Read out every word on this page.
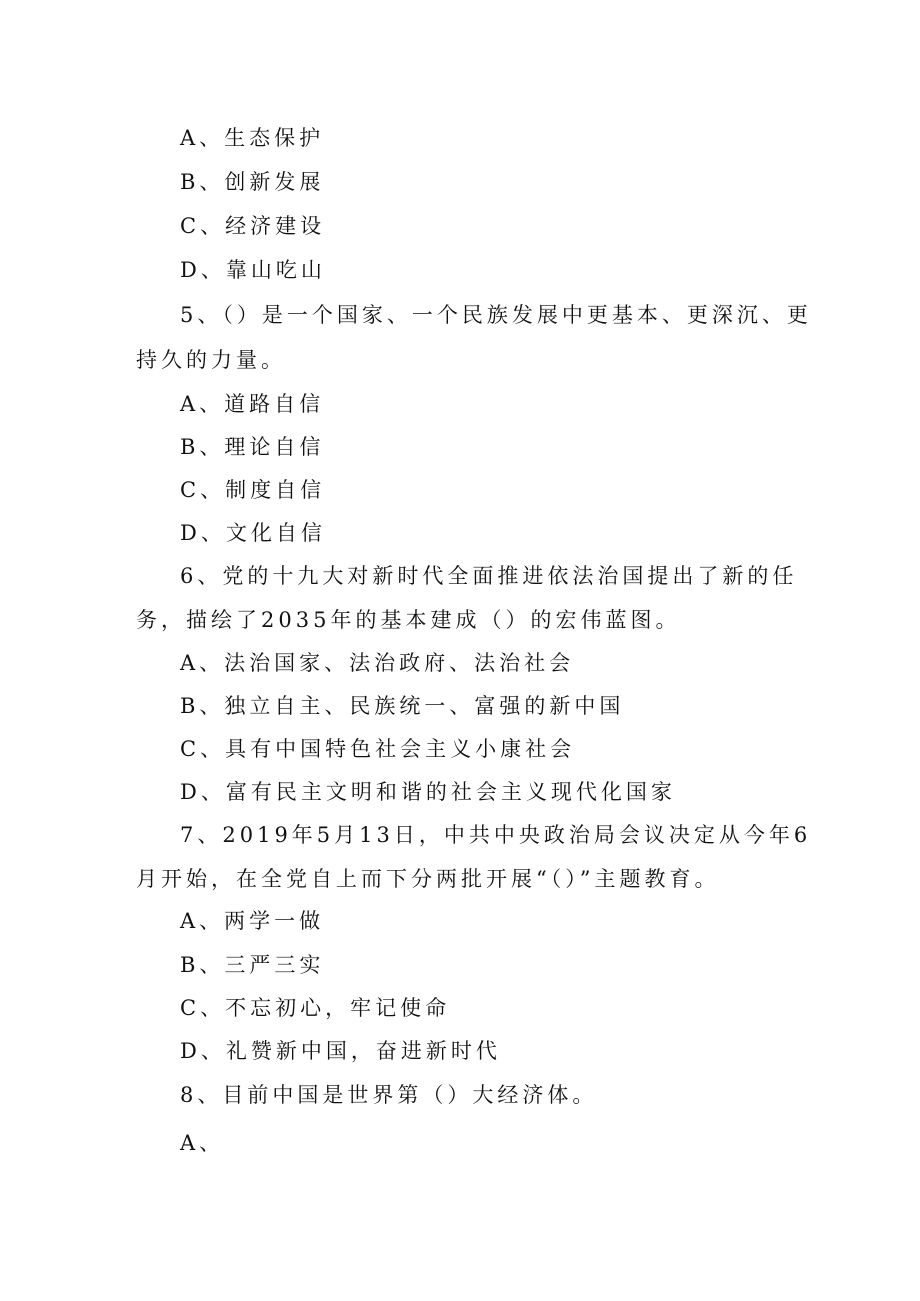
A、生态保护
B、创新发展
C、经济建设
D、靠山吃山
5、（）是一个国家、一个民族发展中更基本、更深沉、更
持久的力量。
A、道路自信
B、理论自信
C、制度自信
D、文化自信
6、党的十九大对新时代全面推进依法治国提出了新的任
务，描绘了2035年的基本建成（）的宏伟蓝图。
A、法治国家、法治政府、法治社会
B、独立自主、民族统一、富强的新中国
C、具有中国特色社会主义小康社会
D、富有民主文明和谐的社会主义现代化国家
7、2019年5月13日，中共中央政治局会议决定从今年6
月开始，在全党自上而下分两批开展“（）”主题教育。
A、两学一做
B、三严三实
C、不忘初心，牢记使命
D、礼赞新中国，奋进新时代
8、目前中国是世界第（）大经济体。
A、
